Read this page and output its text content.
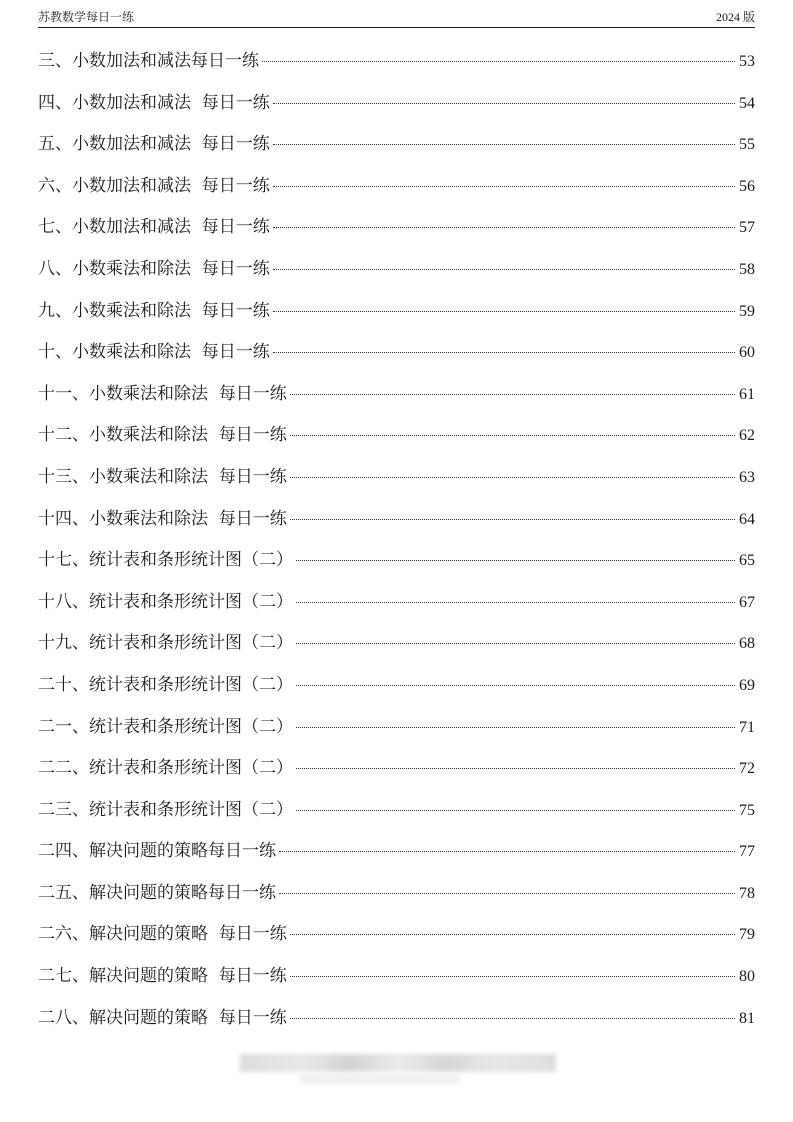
苏教数学每日一练	2024 版
三、小数加法和减法每日一练	53
四、小数加法和减法  每日一练	54
五、小数加法和减法  每日一练	55
六、小数加法和减法  每日一练	56
七、小数加法和减法  每日一练	57
八、小数乘法和除法  每日一练	58
九、小数乘法和除法  每日一练	59
十、小数乘法和除法  每日一练	60
十一、小数乘法和除法  每日一练	61
十二、小数乘法和除法  每日一练	62
十三、小数乘法和除法  每日一练	63
十四、小数乘法和除法  每日一练	64
十七、统计表和条形统计图（二）	65
十八、统计表和条形统计图（二）	67
十九、统计表和条形统计图（二）	68
二十、统计表和条形统计图（二）	69
二一、统计表和条形统计图（二）	71
二二、统计表和条形统计图（二）	72
二三、统计表和条形统计图（二）	75
二四、解决问题的策略每日一练	77
二五、解决问题的策略每日一练	78
二六、解决问题的策略  每日一练	79
二七、解决问题的策略  每日一练	80
二八、解决问题的策略  每日一练	81
